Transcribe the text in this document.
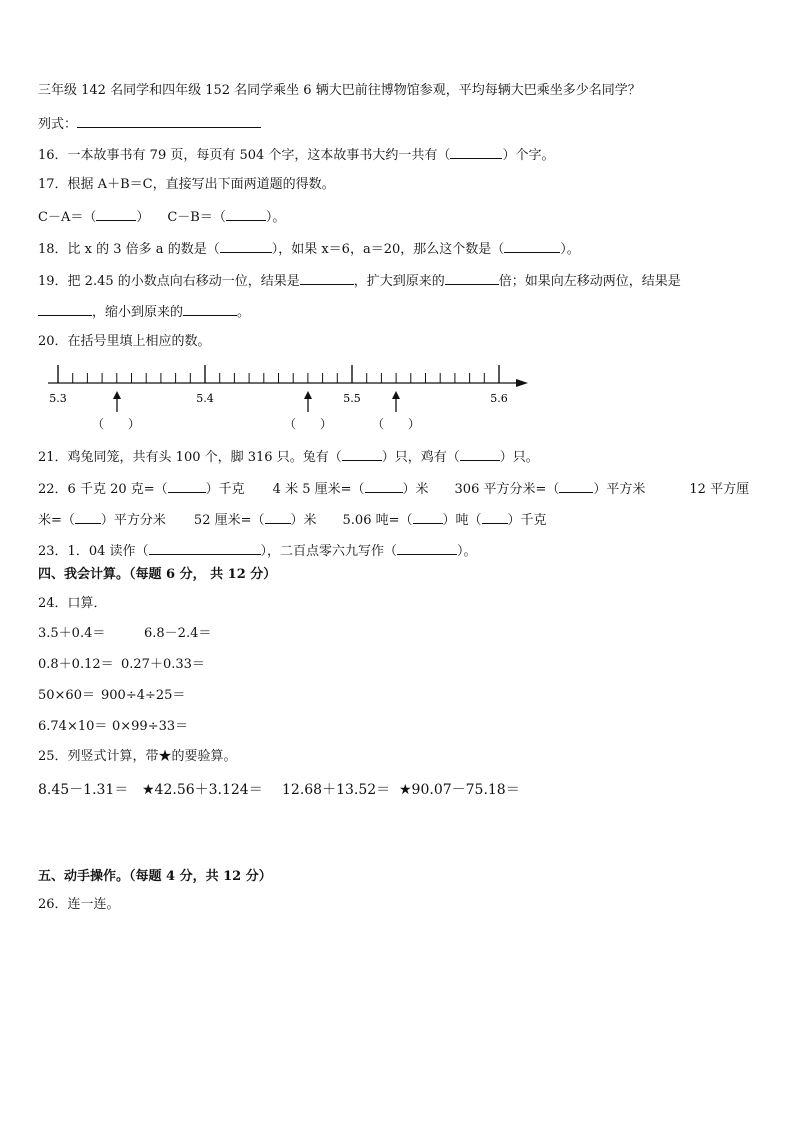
三年级 142 名同学和四年级 152 名同学乘坐 6 辆大巴前往博物馆参观，平均每辆大巴乘坐多少名同学？
列式：
16．一本故事书有 79 页，每页有 504 个字，这本故事书大约一共有（	）个字。
17．根据 A＋B＝C，直接写出下面两道题的得数。
C－A＝（	） C－B＝（	）。
18．比 x 的 3 倍多 a 的数是（	），如果 x＝6，a＝20，那么这个数是（	）。
19．把 2.45 的小数点向右移动一位，结果是	，扩大到原来的	倍；如果向左移动两位，结果是
，缩小到原来的	。
20．在括号里填上相应的数。
5.3	5.4	5.5	5.6
（　　）	（　　）	（　　）
21．鸡兔同笼，共有头 100 个，脚 316 只。兔有（	）只，鸡有（	）只。
22．6 千克 20 克=（	）千克 4 米 5 厘米=（	）米 306 平方分米=（	）平方米	12 平方厘
米=（ ）平方分米 52 厘米=（ ）米 5.06 吨=（ ）吨（ ）千克
23．1．04 读作（	），二百点零六九写作（	）。
四、我会计算。（每题 6 分， 共 12 分）
24．口算．
3.5＋0.4＝	6.8－2.4＝
0.8＋0.12＝ 0.27＋0.33＝
50×60＝ 900÷4÷25＝
6.74×10＝ 0×99÷33＝
25．列竖式计算，带★的要验算。
8.45－1.31＝ ★42.56＋3.124＝ 12.68＋13.52＝ ★90.07－75.18＝
五、动手操作。（每题 4 分，共 12 分）
26．连一连。
